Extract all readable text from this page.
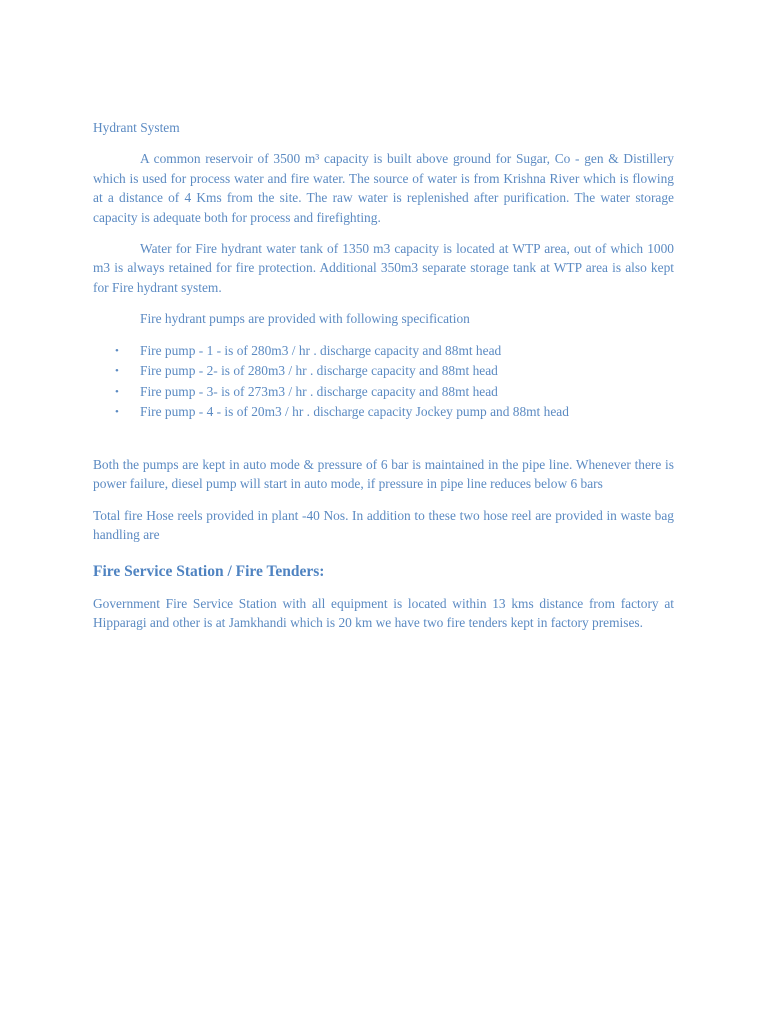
Hydrant System

A common reservoir of 3500 m³ capacity is built above ground for Sugar, Co - gen & Distillery which is used for process water and fire water. The source of water is from Krishna River which is flowing at a distance of 4 Kms from the site. The raw water is replenished after purification. The water storage capacity is adequate both for process and firefighting.

Water for Fire hydrant water tank of 1350 m3 capacity is located at WTP area, out of which 1000 m3 is always retained for fire protection. Additional 350m3 separate storage tank at WTP area is also kept for Fire hydrant system.

Fire hydrant pumps are provided with following specification

• Fire pump - 1 - is of 280m3 / hr . discharge capacity and 88mt head
• Fire pump - 2- is of 280m3 / hr . discharge capacity and 88mt head
• Fire pump - 3- is of 273m3 / hr . discharge capacity and 88mt head
• Fire pump - 4 - is of 20m3 / hr . discharge capacity Jockey pump and 88mt head

Both the pumps are kept in auto mode & pressure of 6 bar is maintained in the pipe line. Whenever there is power failure, diesel pump will start in auto mode, if pressure in pipe line reduces below 6 bars

Total fire Hose reels provided in plant -40 Nos. In addition to these two hose reel are provided in waste bag handling are

Fire Service Station / Fire Tenders:

Government Fire Service Station with all equipment is located within 13 kms distance from factory at Hipparagi and other is at Jamkhandi which is 20 km we have two fire tenders kept in factory premises.
